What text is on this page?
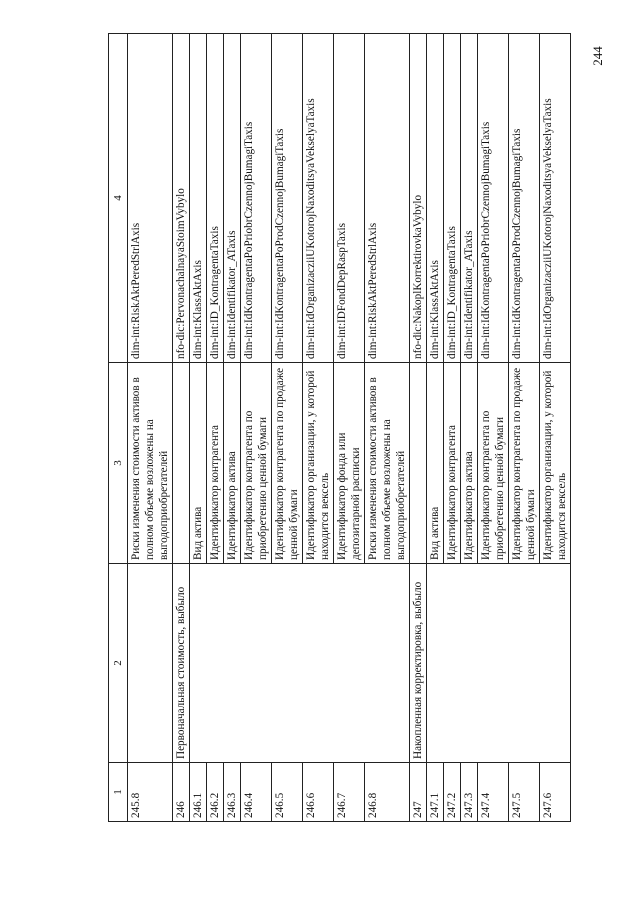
244
1	2	3	4
245.8		Риски изменения стоимости активов в полном объеме возложены на выгодоприобретателей	dim-int:RiskAktPeredStrlAxis
246	Первоначальная стоимость, выбыло		nfo-dic:PervonachalnayaStoimVybylo
246.1		Вид актива	dim-int:KlassAktAxis
246.2		Идентификатор контрагента	dim-int:ID_KontragentaTaxis
246.3		Идентификатор актива	dim-int:Identifikator_ATaxis
246.4		Идентификатор контрагента по приобретению ценной бумаги	dim-int:IdKontragentaPoPriobrCzennojBumagiTaxis
246.5		Идентификатор контрагента по продаже ценной бумаги	dim-int:IdKontragentaPoProdCzennojBumagiTaxis
246.6		Идентификатор организации, у которой находится вексель	dim-int:IdOrganizacziiUKotorojNaxoditsyaVekselyaTaxis
246.7		Идентификатор фонда или депозитарной расписки	dim-int:IDFondDepRaspTaxis
246.8		Риски изменения стоимости активов в полном объеме возложены на выгодоприобретателей	dim-int:RiskAktPeredStrlAxis
247	Накопленная корректировка, выбыло		nfo-dic:NakoplKorrektirovkaVybylo
247.1		Вид актива	dim-int:KlassAktAxis
247.2		Идентификатор контрагента	dim-int:ID_KontragentaTaxis
247.3		Идентификатор актива	dim-int:Identifikator_ATaxis
247.4		Идентификатор контрагента по приобретению ценной бумаги	dim-int:IdKontragentaPoPriobrCzennojBumagiTaxis
247.5		Идентификатор контрагента по продаже ценной бумаги	dim-int:IdKontragentaPoProdCzennojBumagiTaxis
247.6		Идентификатор организации, у которой находится вексель	dim-int:IdOrganizacziiUKotorojNaxoditsyaVekselyaTaxis
